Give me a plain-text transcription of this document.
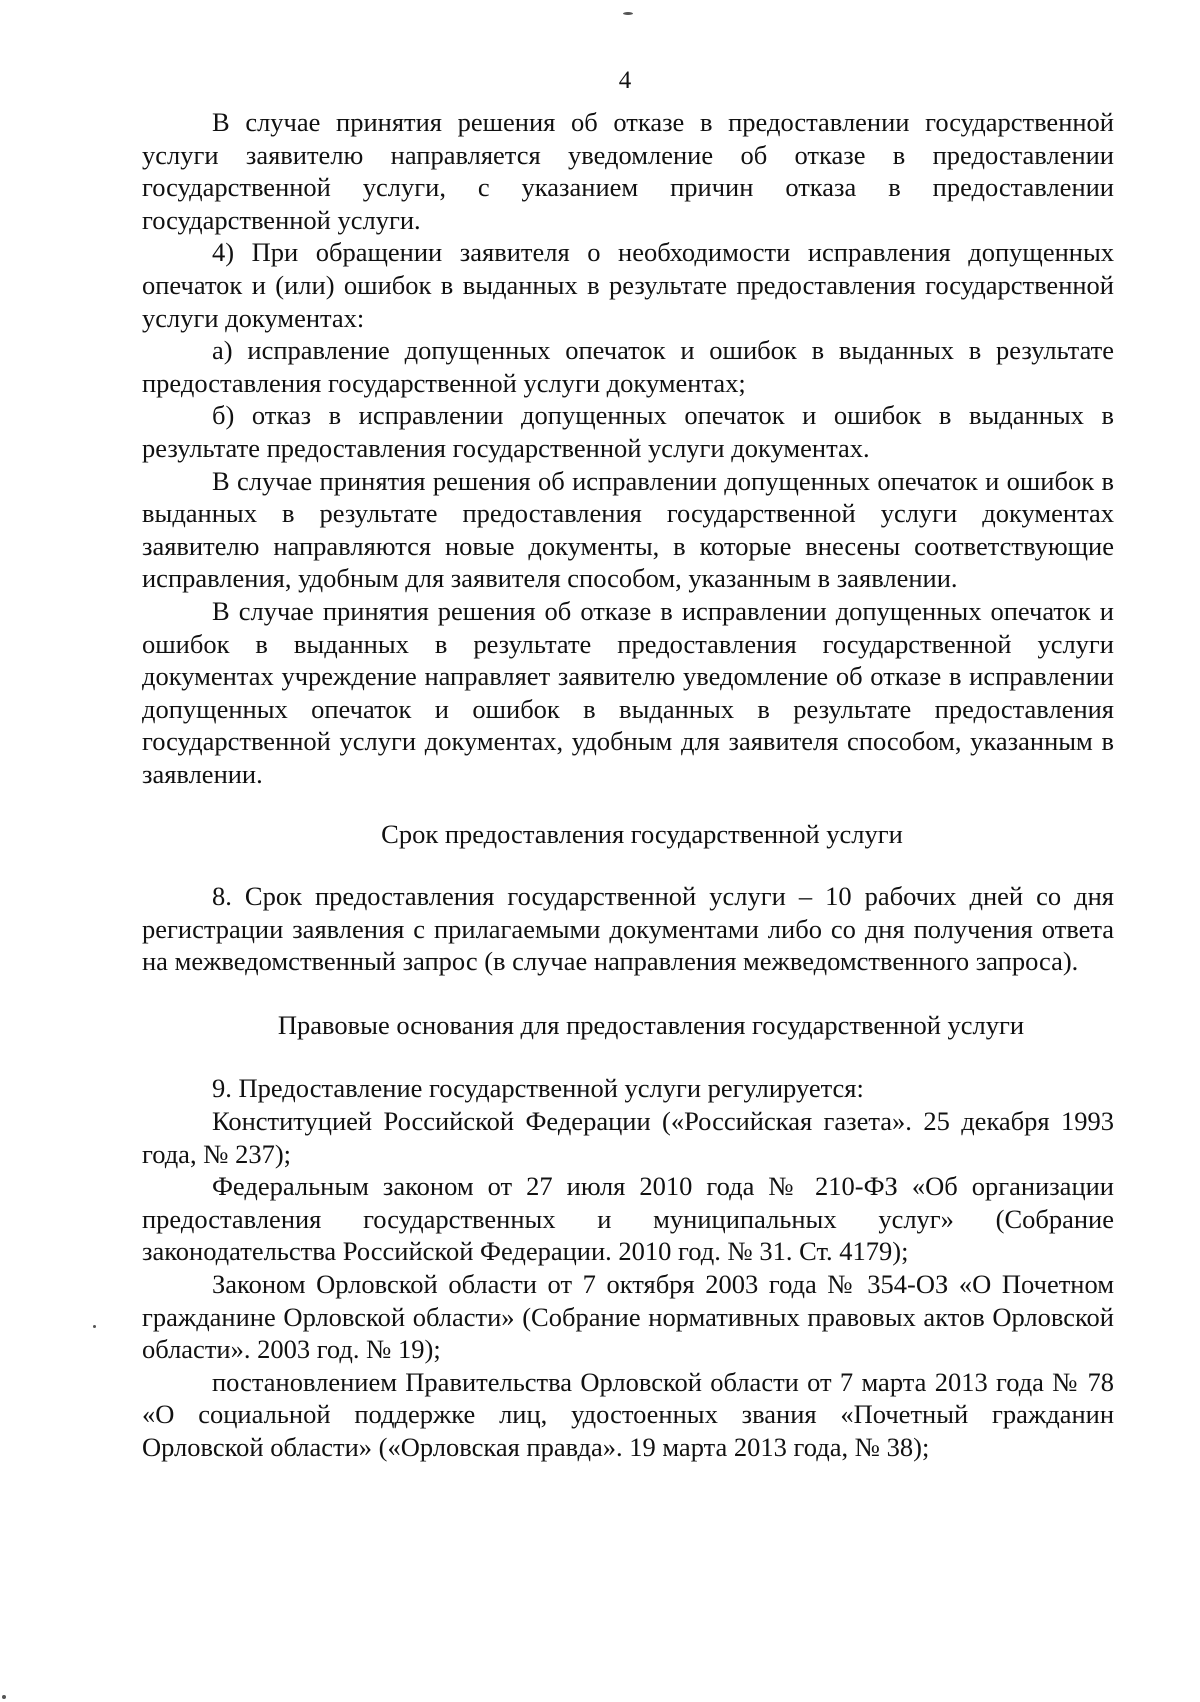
4

В случае принятия решения об отказе в предоставлении государственной услуги заявителю направляется уведомление об отказе в предоставлении государственной услуги, с указанием причин отказа в предоставлении государственной услуги.

4) При обращении заявителя о необходимости исправления допущенных опечаток и (или) ошибок в выданных в результате предоставления государственной услуги документах:

а) исправление допущенных опечаток и ошибок в выданных в результате предоставления государственной услуги документах;

б) отказ в исправлении допущенных опечаток и ошибок в выданных в результате предоставления государственной услуги документах.

В случае принятия решения об исправлении допущенных опечаток и ошибок в выданных в результате предоставления государственной услуги документах заявителю направляются новые документы, в которые внесены соответствующие исправления, удобным для заявителя способом, указанным в заявлении.

В случае принятия решения об отказе в исправлении допущенных опечаток и ошибок в выданных в результате предоставления государственной услуги документах учреждение направляет заявителю уведомление об отказе в исправлении допущенных опечаток и ошибок в выданных в результате предоставления государственной услуги документах, удобным для заявителя способом, указанным в заявлении.

Срок предоставления государственной услуги

8. Срок предоставления государственной услуги – 10 рабочих дней со дня регистрации заявления с прилагаемыми документами либо со дня получения ответа на межведомственный запрос (в случае направления межведомственного запроса).

Правовые основания для предоставления государственной услуги

9. Предоставление государственной услуги регулируется:

Конституцией Российской Федерации («Российская газета». 25 декабря 1993 года, № 237);

Федеральным законом от 27 июля 2010 года № 210-ФЗ «Об организации предоставления государственных и муниципальных услуг» (Собрание законодательства Российской Федерации. 2010 год. № 31. Ст. 4179);

Законом Орловской области от 7 октября 2003 года № 354-ОЗ «О Почетном гражданине Орловской области» (Собрание нормативных правовых актов Орловской области». 2003 год. № 19);

постановлением Правительства Орловской области от 7 марта 2013 года № 78 «О социальной поддержке лиц, удостоенных звания «Почетный гражданин Орловской области» («Орловская правда». 19 марта 2013 года, № 38);
